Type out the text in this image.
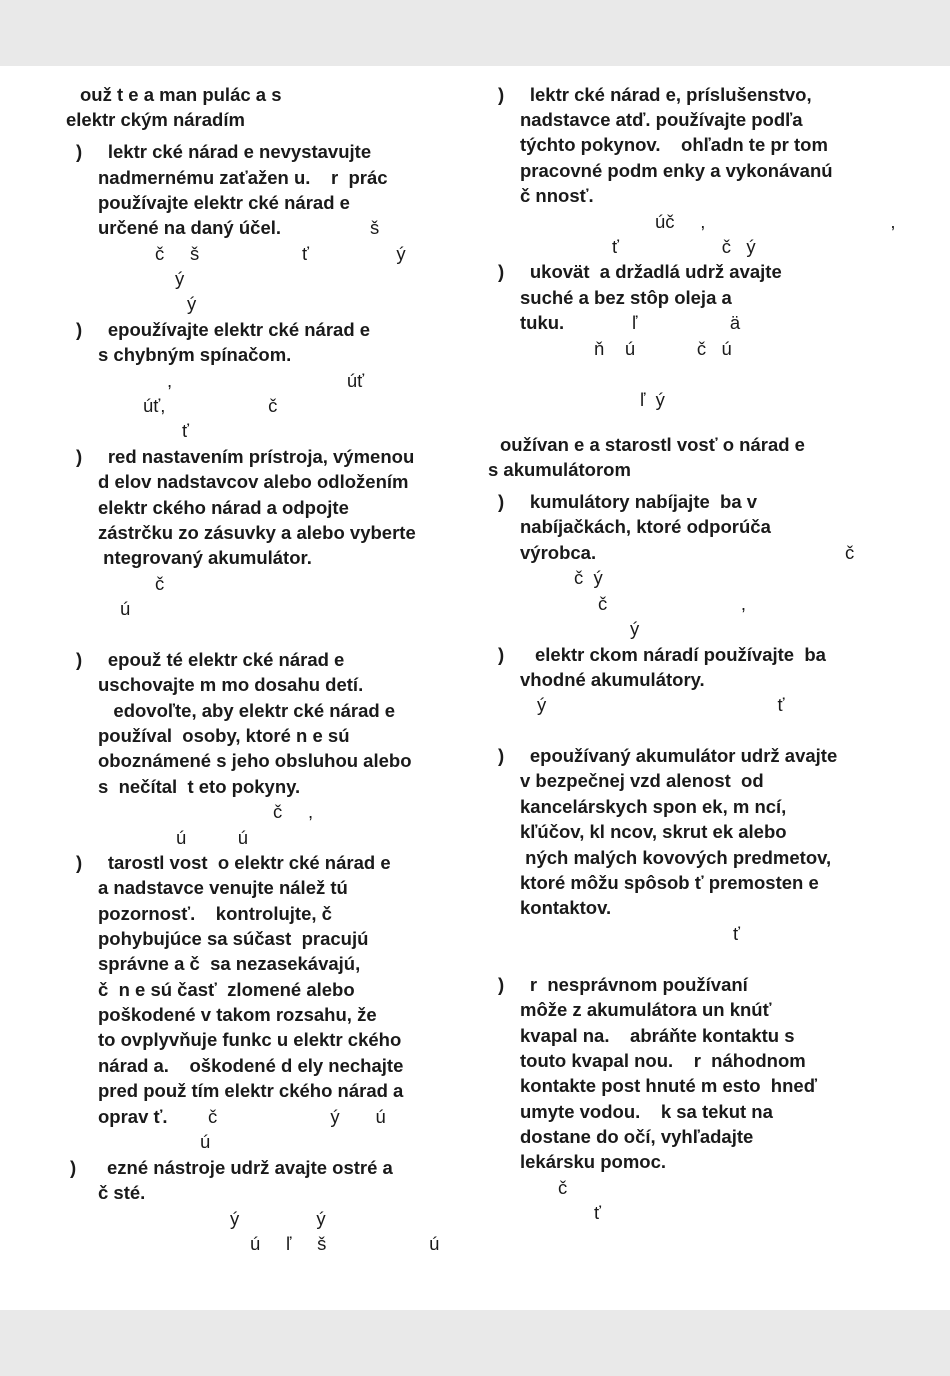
ouž t e a man pulác a s
elektr ckým náradím
)     lektr cké nárad e nevystavujte
nadmernému zaťažen u.    r  prác
používajte elektr cké nárad e
určené na daný účel.	š
č     š                    ť                 ý
ý
ý
)     epoužívajte elektr cké nárad e
s chybným spínačom.
,                                  úť
úť,                    č
ť
)     red nastavením prístroja, výmenou
d elov nadstavcov alebo odložením
elektr ckého nárad a odpojte
zástrčku zo zásuvky a alebo vyberte
ntegrovaný akumulátor.
č
ú
)     epouž té elektr cké nárad e
uschovajte m mo dosahu detí.
edovoľte, aby elektr cké nárad e
používal  osoby, ktoré n e sú
oboznámené s jeho obsluhou alebo
s  nečítal  t eto pokyny.
č     ,
ú          ú
)     tarostl vost  o elektr cké nárad e
a nadstavce venujte nálež tú
pozornosť.    kontrolujte, č
pohybujúce sa súčast  pracujú
správne a č  sa nezasekávajú,
č  n e sú časť  zlomené alebo
poškodené v takom rozsahu, že
to ovplyvňuje funkc u elektr ckého
nárad a.    oškodené d ely nechajte
pred použ tím elektr ckého nárad a
oprav ť. č                      ý       ú
ú
)      ezné nástroje udrž avajte ostré a
č sté.
ý               ý
ú     ľ     š                    ú
)     lektr cké nárad e, príslušenstvo,
nadstavce atď. používajte podľa
týchto pokynov.    ohľadn te pr tom
pracovné podm enky a vykonávanú
č nnosť.
úč     ,                                    ,
ť                    č   ý
)     ukovät  a držadlá udrž avajte
suché a bez stôp oleja a
tuku.	ľ                  ä
ň    ú            č   ú
ľ  ý
oužívan e a starostl vosť o nárad e
s akumulátorom
)     kumulátory nabíjajte  ba v
nabíjačkách, ktoré odporúča
výrobca.	č
č  ý
č                          ,
ý
)      elektr ckom náradí používajte  ba
vhodné akumulátory.
ý                                             ť
)     epoužívaný akumulátor udrž avajte
v bezpečnej vzd alenost  od
kancelárskych spon ek, m ncí,
kľúčov, kl ncov, skrut ek alebo
ných malých kovových predmetov,
ktoré môžu spôsob ť premosten e
kontaktov.
ť
)     r  nesprávnom používaní
môže z akumulátora un knúť
kvapal na.    abráňte kontaktu s
touto kvapal nou.    r  náhodnom
kontakte post hnuté m esto  hneď
umyte vodou.    k sa tekut na
dostane do očí, vyhľadajte
lekársku pomoc.
č
ť
